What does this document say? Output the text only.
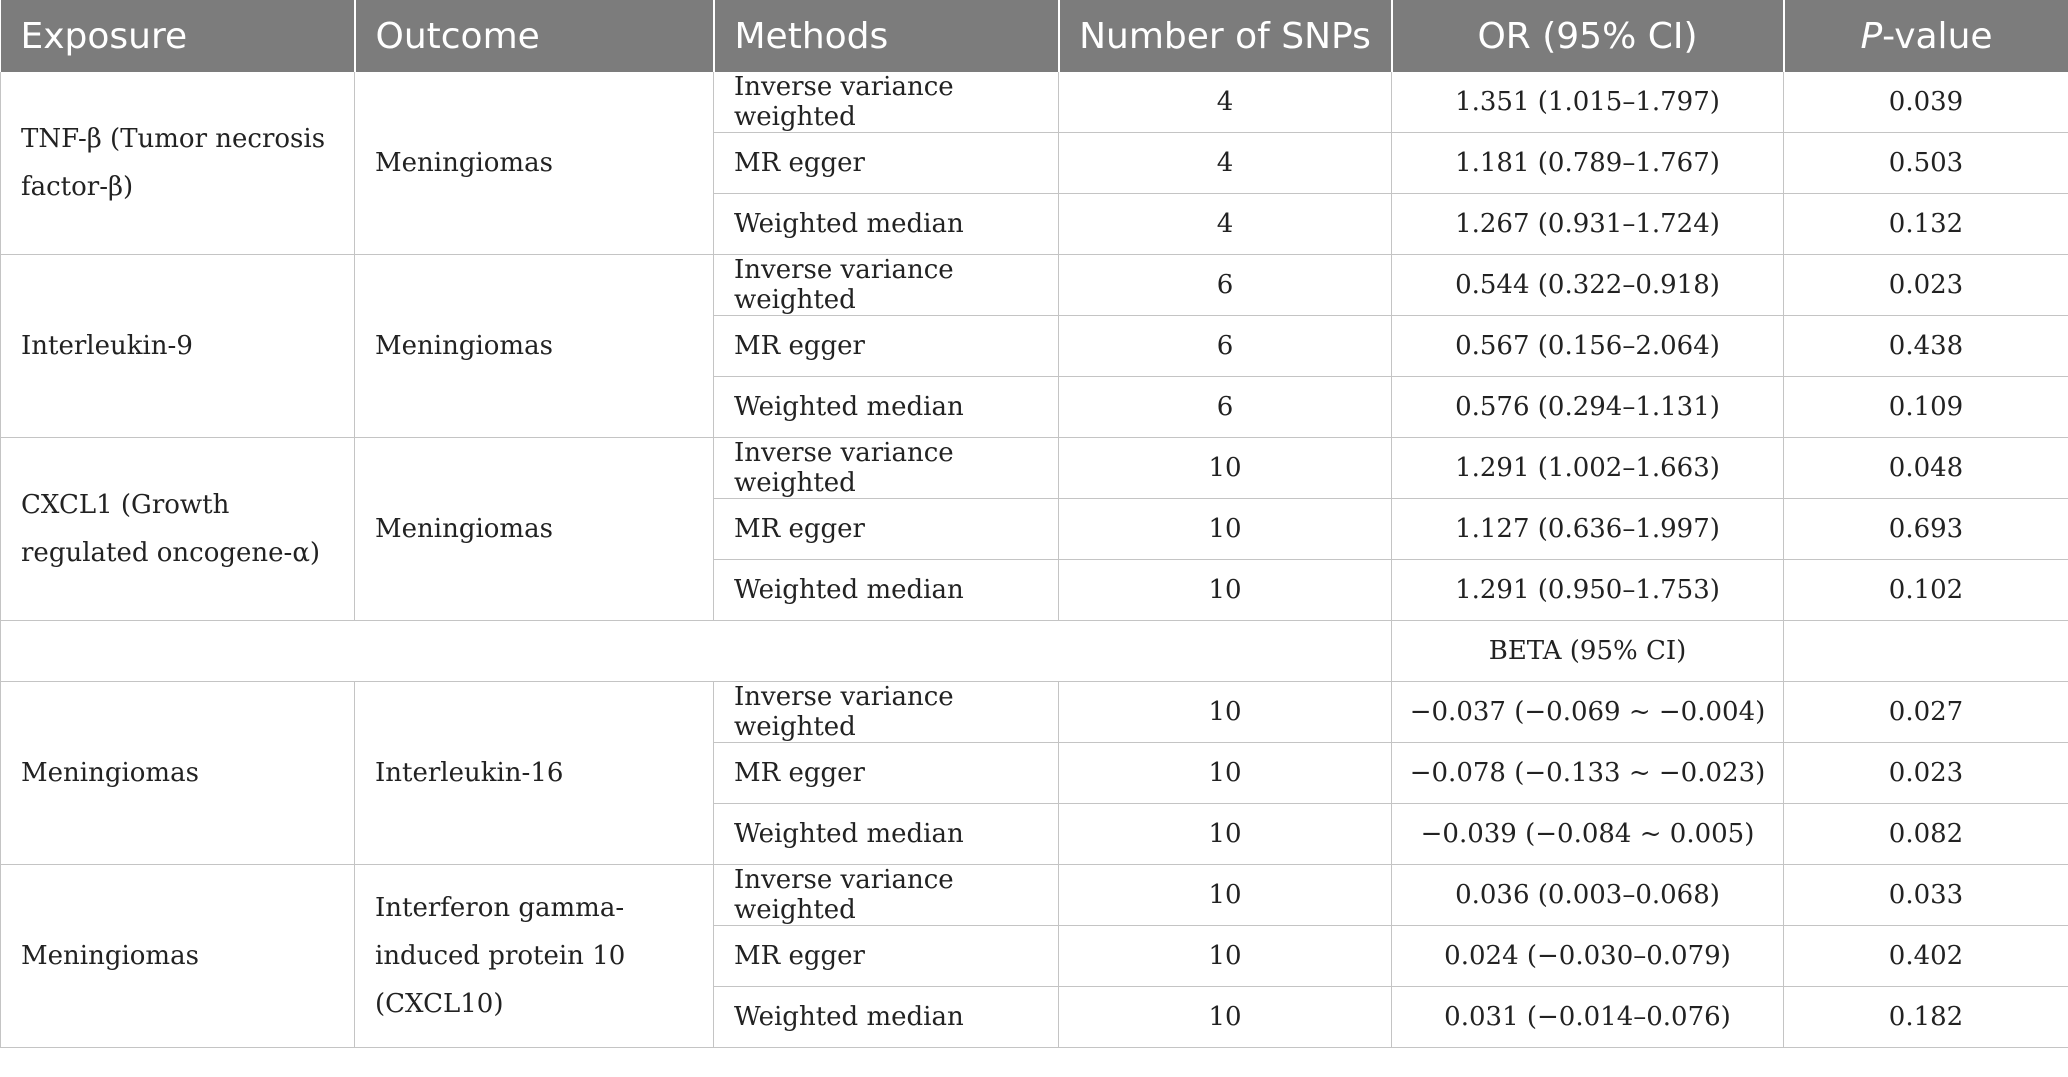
Exposure	Outcome	Methods	Number of SNPs	OR (95% CI)	P-value
TNF-β (Tumor necrosis factor-β)	Meningiomas	Inverse variance weighted	4	1.351 (1.015–1.797)	0.039
		MR egger	4	1.181 (0.789–1.767)	0.503
		Weighted median	4	1.267 (0.931–1.724)	0.132
Interleukin-9	Meningiomas	Inverse variance weighted	6	0.544 (0.322–0.918)	0.023
		MR egger	6	0.567 (0.156–2.064)	0.438
		Weighted median	6	0.576 (0.294–1.131)	0.109
CXCL1 (Growth regulated oncogene-α)	Meningiomas	Inverse variance weighted	10	1.291 (1.002–1.663)	0.048
		MR egger	10	1.127 (0.636–1.997)	0.693
		Weighted median	10	1.291 (0.950–1.753)	0.102
				BETA (95% CI)	
Meningiomas	Interleukin-16	Inverse variance weighted	10	−0.037 (−0.069 ~ −0.004)	0.027
		MR egger	10	−0.078 (−0.133 ~ −0.023)	0.023
		Weighted median	10	−0.039 (−0.084 ~ 0.005)	0.082
Meningiomas	Interferon gamma-induced protein 10 (CXCL10)	Inverse variance weighted	10	0.036 (0.003–0.068)	0.033
		MR egger	10	0.024 (−0.030–0.079)	0.402
		Weighted median	10	0.031 (−0.014–0.076)	0.182
